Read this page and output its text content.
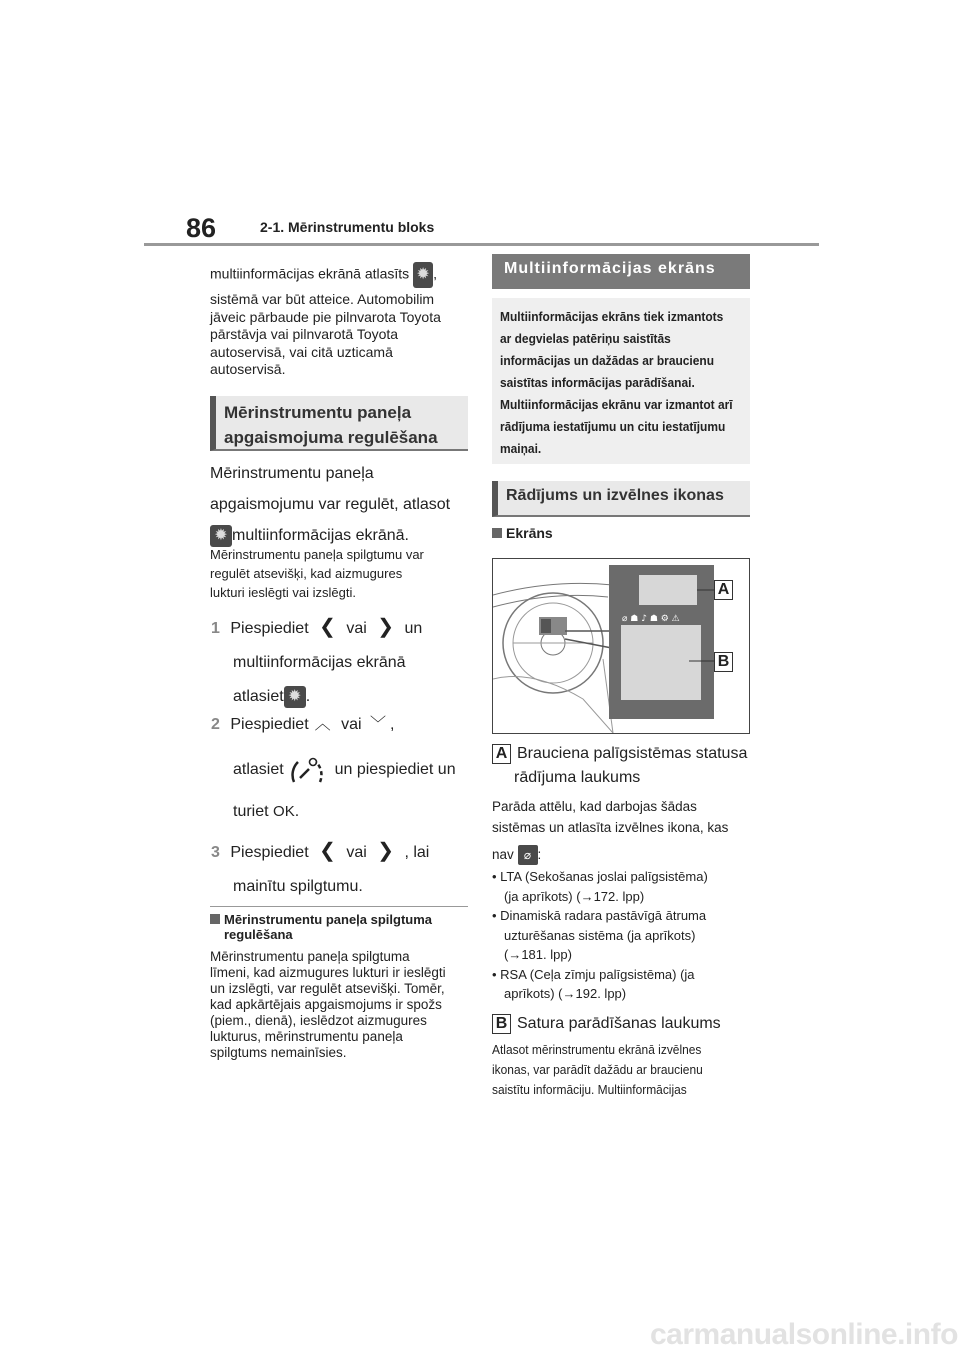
86	2-1. Mērinstrumentu bloks
multiinformācijas ekrānā atlasīts ✹ ,
sistēmā var būt atteice. Automobilim
jāveic pārbaude pie pilnvarota Toyota
pārstāvja vai pilnvarotā Toyota
autoservisā, vai citā uzticamā
autoservisā.
Mērinstrumentu paneļa
apgaismojuma regulēšana
Mērinstrumentu paneļa
apgaismojumu var regulēt, atlasot
✹ multiinformācijas ekrānā.
Mērinstrumentu paneļa spilgtumu var
regulēt atsevišķi, kad aizmugures
lukturi ieslēgti vai izslēgti.
1 Piespiediet ❮ vai ❯ un
multiinformācijas ekrānā
atlasiet ✹ .
2 Piespiediet ︿ vai ﹀ ,
atlasiet	un piespiediet un
turiet OK.
3 Piespiediet ❮ vai ❯ , lai
mainītu spilgtumu.
Mērinstrumentu paneļa spilgtuma
regulēšana
Mērinstrumentu paneļa spilgtuma
līmeni, kad aizmugures lukturi ir ieslēgti
un izslēgti, var regulēt atsevišķi. Tomēr,
kad apkārtējais apgaismojums ir spožs
(piem., dienā), ieslēdzot aizmugures
lukturus, mērinstrumentu paneļa
spilgtums nemainīsies.
Multiinformācijas ekrāns
Multiinformācijas ekrāns tiek izmantots
ar degvielas patēriņu saistītās
informācijas un dažādas ar braucienu
saistītas informācijas parādīšanai.
Multiinformācijas ekrānu var izmantot arī
rādījuma iestatījumu un citu iestatījumu
maiņai.
Rādījums un izvēlnes ikonas
Ekrāns
⌀ ☗ ♪ ☗ ⚙ ⚠
A
B
A Brauciena palīgsistēmas statusa
rādījuma laukums
Parāda attēlu, kad darbojas šādas
sistēmas un atlasīta izvēlnes ikona, kas
nav ⌀ :
• LTA (Sekošanas joslai palīgsistēma)
(ja aprīkots) (→172. lpp)
• Dinamiskā radara pastāvīgā ātruma
uzturēšanas sistēma (ja aprīkots)
(→181. lpp)
• RSA (Ceļa zīmju palīgsistēma) (ja
aprīkots) (→192. lpp)
B Satura parādīšanas laukums
Atlasot mērinstrumentu ekrānā izvēlnes
ikonas, var parādīt dažādu ar braucienu
saistītu informāciju. Multiinformācijas
carmanualsonline.info
